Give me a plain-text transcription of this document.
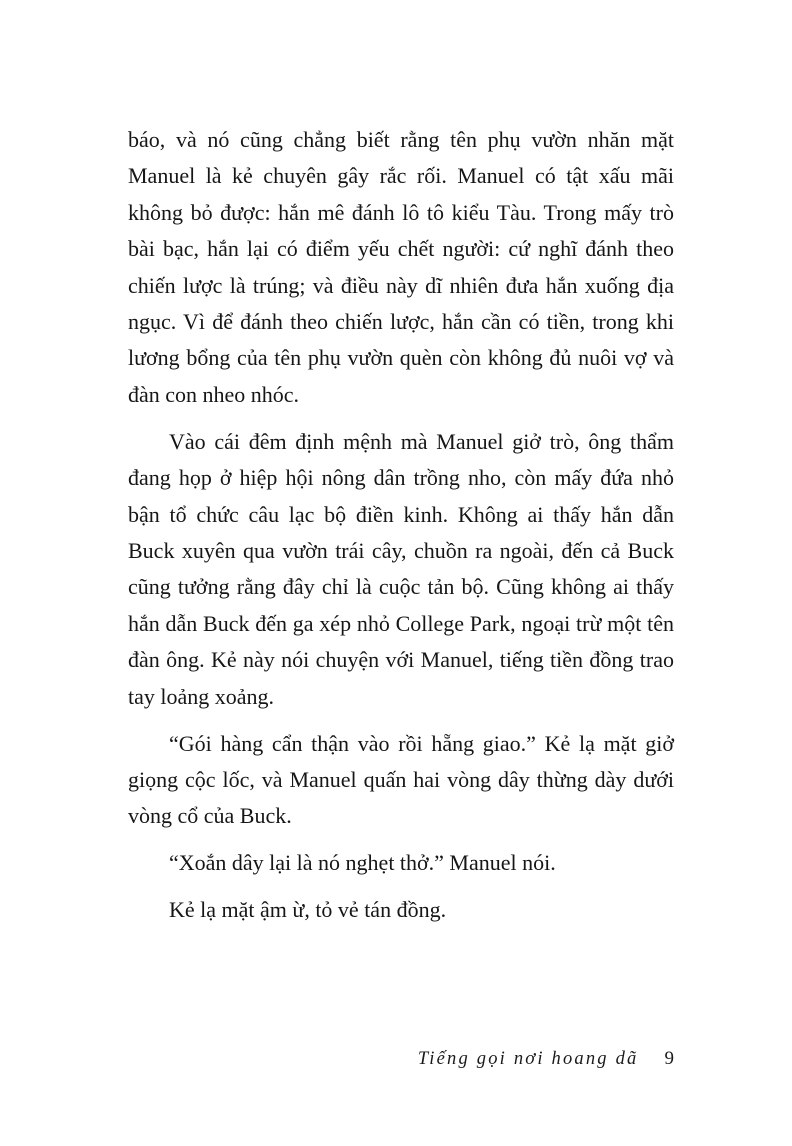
báo, và nó cũng chẳng biết rằng tên phụ vườn nhăn mặt Manuel là kẻ chuyên gây rắc rối. Manuel có tật xấu mãi không bỏ được: hắn mê đánh lô tô kiểu Tàu. Trong mấy trò bài bạc, hắn lại có điểm yếu chết người: cứ nghĩ đánh theo chiến lược là trúng; và điều này dĩ nhiên đưa hắn xuống địa ngục. Vì để đánh theo chiến lược, hắn cần có tiền, trong khi lương bổng của tên phụ vườn quèn còn không đủ nuôi vợ và đàn con nheo nhóc.

Vào cái đêm định mệnh mà Manuel giở trò, ông thẩm đang họp ở hiệp hội nông dân trồng nho, còn mấy đứa nhỏ bận tổ chức câu lạc bộ điền kinh. Không ai thấy hắn dẫn Buck xuyên qua vườn trái cây, chuồn ra ngoài, đến cả Buck cũng tưởng rằng đây chỉ là cuộc tản bộ. Cũng không ai thấy hắn dẫn Buck đến ga xép nhỏ College Park, ngoại trừ một tên đàn ông. Kẻ này nói chuyện với Manuel, tiếng tiền đồng trao tay loảng xoảng.

“Gói hàng cẩn thận vào rồi hẵng giao.” Kẻ lạ mặt giở giọng cộc lốc, và Manuel quấn hai vòng dây thừng dày dưới vòng cổ của Buck.

“Xoắn dây lại là nó nghẹt thở.” Manuel nói.

Kẻ lạ mặt ậm ừ, tỏ vẻ tán đồng.

Tiếng gọi nơi hoang dã 9
